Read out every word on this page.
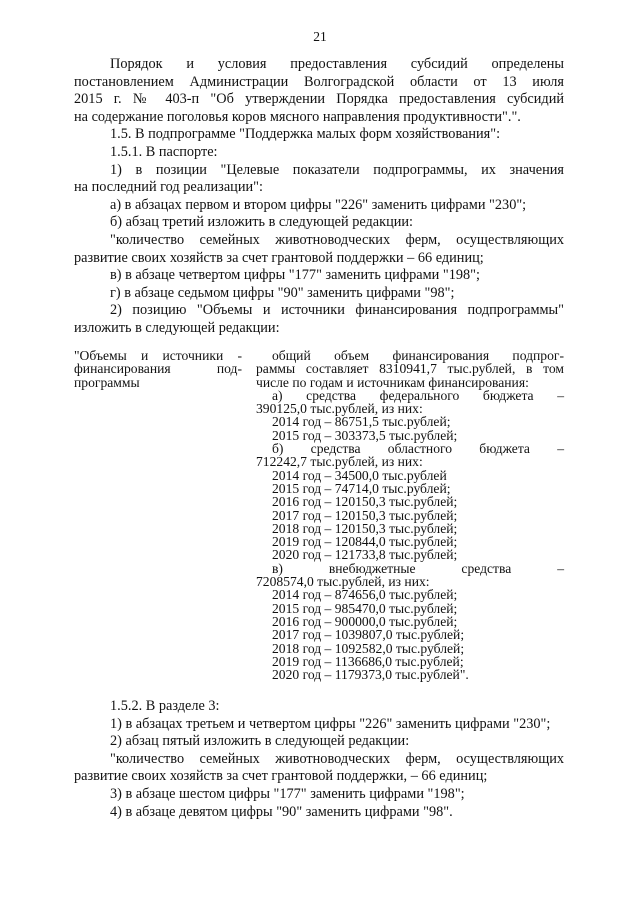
21

Порядок и условия предоставления субсидий определены

постановлением Администрации Волгоградской области от 13 июля

2015 г. № 403-п "Об утверждении Порядка предоставления субсидий

на содержание поголовья коров мясного направления продуктивности".".

1.5. В подпрограмме "Поддержка малых форм хозяйствования":

1.5.1. В паспорте:

1) в позиции "Целевые показатели подпрограммы, их значения

на последний год реализации":

а) в абзацах первом и втором цифры "226" заменить цифрами "230";

б) абзац третий изложить в следующей редакции:

"количество семейных животноводческих ферм, осуществляющих

развитие своих хозяйств за счет грантовой поддержки – 66 единиц;

в) в абзаце четвертом цифры "177" заменить цифрами "198";

г) в абзаце седьмом цифры "90" заменить цифрами "98";

2) позицию "Объемы и источники финансирования подпрограммы"

изложить в следующей редакции:

"Объемы и источники -

финансирования под-

программы

общий объем финансирования подпрог-

раммы составляет 8310941,7 тыс.рублей, в том

числе по годам и источникам финансирования:

а) средства федерального бюджета –

390125,0 тыс.рублей, из них:

2014 год – 86751,5 тыс.рублей;

2015 год – 303373,5 тыс.рублей;

б) средства областного бюджета –

712242,7 тыс.рублей, из них:

2014 год – 34500,0 тыс.рублей

2015 год – 74714,0 тыс.рублей;

2016 год – 120150,3 тыс.рублей;

2017 год – 120150,3 тыс.рублей;

2018 год – 120150,3 тыс.рублей;

2019 год – 120844,0 тыс.рублей;

2020 год – 121733,8 тыс.рублей;

в) внебюджетные средства –

7208574,0 тыс.рублей, из них:

2014 год – 874656,0 тыс.рублей;

2015 год – 985470,0 тыс.рублей;

2016 год – 900000,0 тыс.рублей;

2017 год – 1039807,0 тыс.рублей;

2018 год – 1092582,0 тыс.рублей;

2019 год – 1136686,0 тыс.рублей;

2020 год – 1179373,0 тыс.рублей".

1.5.2. В разделе 3:

1) в абзацах третьем и четвертом цифры "226" заменить цифрами "230";

2) абзац пятый изложить в следующей редакции:

"количество семейных животноводческих ферм, осуществляющих

развитие своих хозяйств за счет грантовой поддержки, – 66 единиц;

3) в абзаце шестом цифры "177" заменить цифрами "198";

4) в абзаце девятом цифры "90" заменить цифрами "98".
